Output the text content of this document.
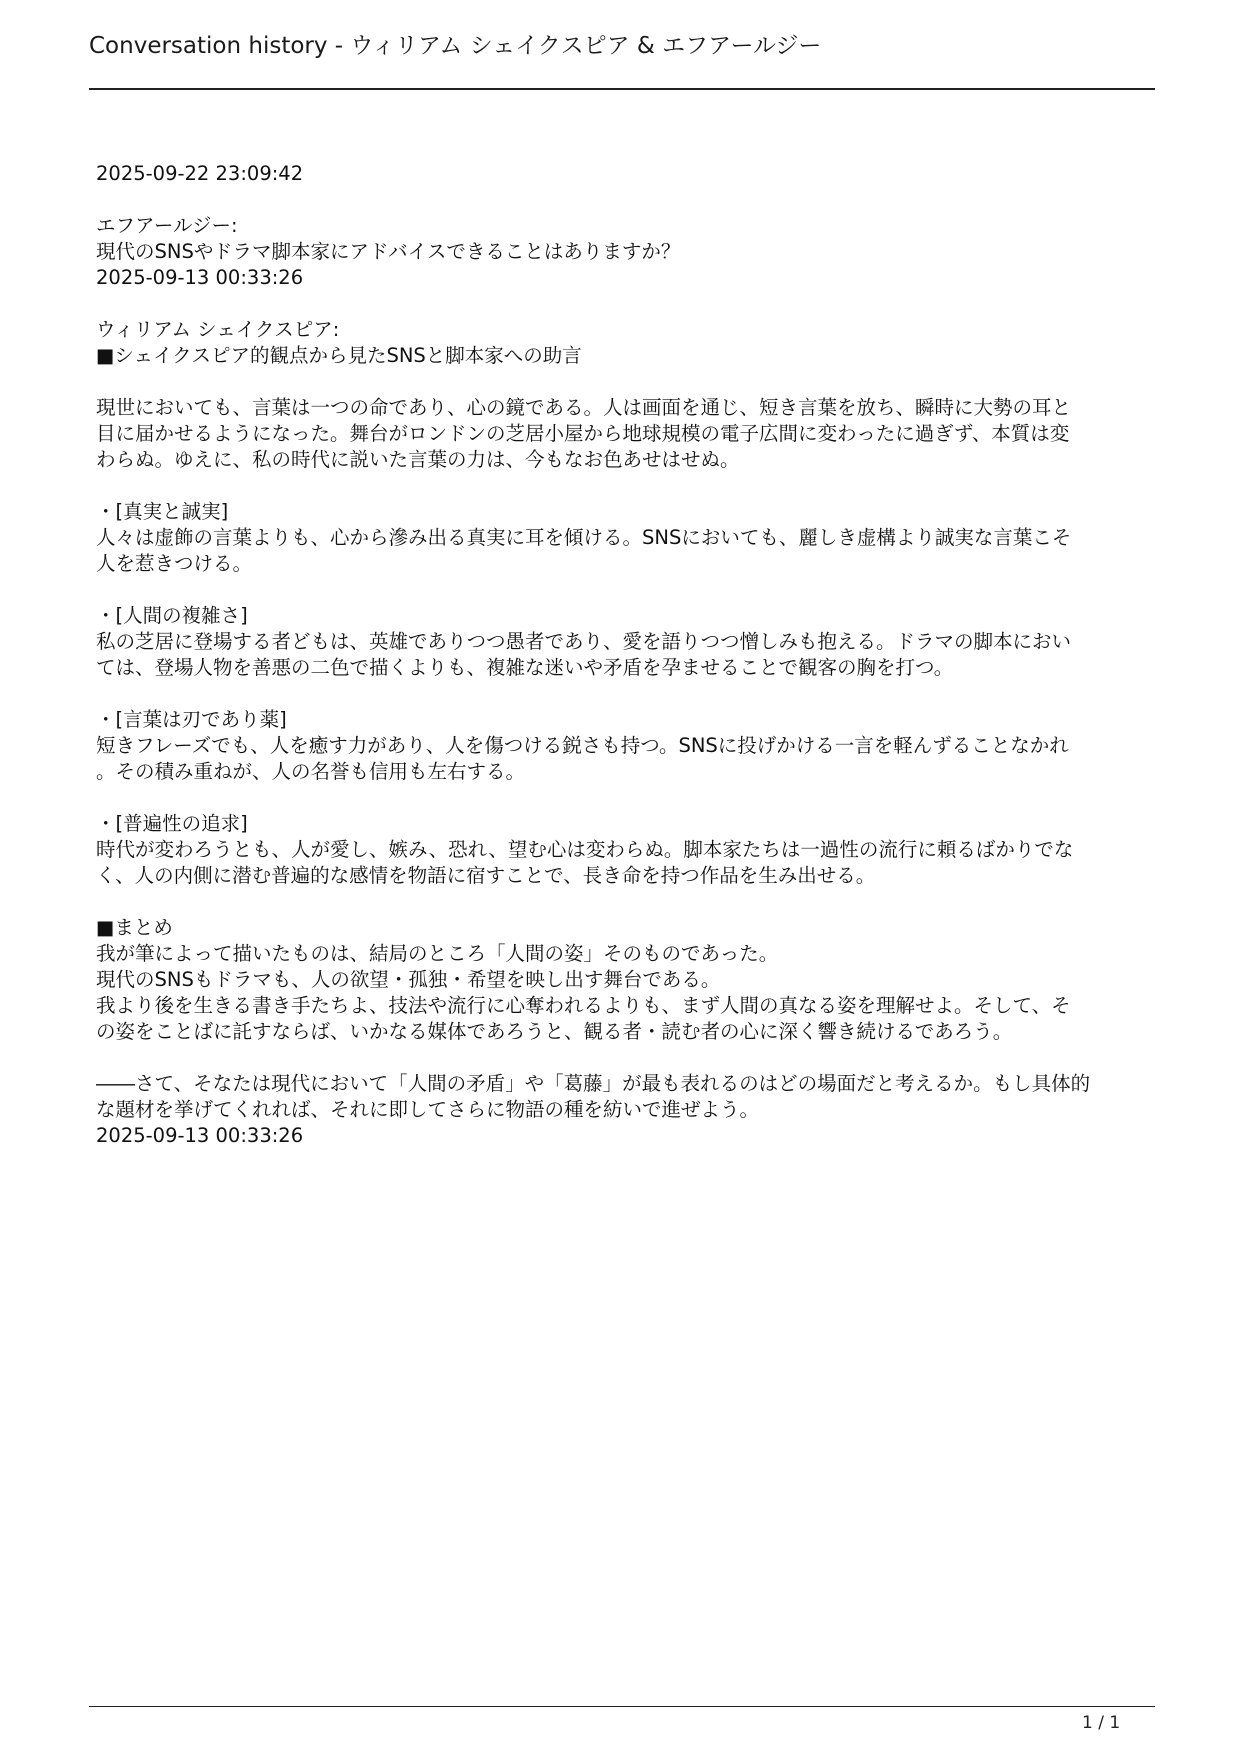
Conversation history - ウィリアム シェイクスピア & エフアールジー
2025-09-22 23:09:42
エフアールジー:
現代のSNSやドラマ脚本家にアドバイスできることはありますか？
2025-09-13 00:33:26
ウィリアム シェイクスピア:
■シェイクスピア的観点から見たSNSと脚本家への助言
現世においても、言葉は一つの命であり、心の鏡である。人は画面を通じ、短き言葉を放ち、瞬時に大勢の耳と
目に届かせるようになった。舞台がロンドンの芝居小屋から地球規模の電子広間に変わったに過ぎず、本質は変
わらぬ。ゆえに、私の時代に説いた言葉の力は、今もなお色あせはせぬ。
・[真実と誠実]
人々は虚飾の言葉よりも、心から滲み出る真実に耳を傾ける。SNSにおいても、麗しき虚構より誠実な言葉こそ
人を惹きつける。
・[人間の複雑さ]
私の芝居に登場する者どもは、英雄でありつつ愚者であり、愛を語りつつ憎しみも抱える。ドラマの脚本におい
ては、登場人物を善悪の二色で描くよりも、複雑な迷いや矛盾を孕ませることで観客の胸を打つ。
・[言葉は刃であり薬]
短きフレーズでも、人を癒す力があり、人を傷つける鋭さも持つ。SNSに投げかける一言を軽んずることなかれ
。その積み重ねが、人の名誉も信用も左右する。
・[普遍性の追求]
時代が変わろうとも、人が愛し、嫉み、恐れ、望む心は変わらぬ。脚本家たちは一過性の流行に頼るばかりでな
く、人の内側に潜む普遍的な感情を物語に宿すことで、長き命を持つ作品を生み出せる。
■まとめ
我が筆によって描いたものは、結局のところ「人間の姿」そのものであった。
現代のSNSもドラマも、人の欲望・孤独・希望を映し出す舞台である。
我より後を生きる書き手たちよ、技法や流行に心奪われるよりも、まず人間の真なる姿を理解せよ。そして、そ
の姿をことばに託すならば、いかなる媒体であろうと、観る者・読む者の心に深く響き続けるであろう。
――さて、そなたは現代において「人間の矛盾」や「葛藤」が最も表れるのはどの場面だと考えるか。もし具体的
な題材を挙げてくれれば、それに即してさらに物語の種を紡いで進ぜよう。
2025-09-13 00:33:26
1 / 1
